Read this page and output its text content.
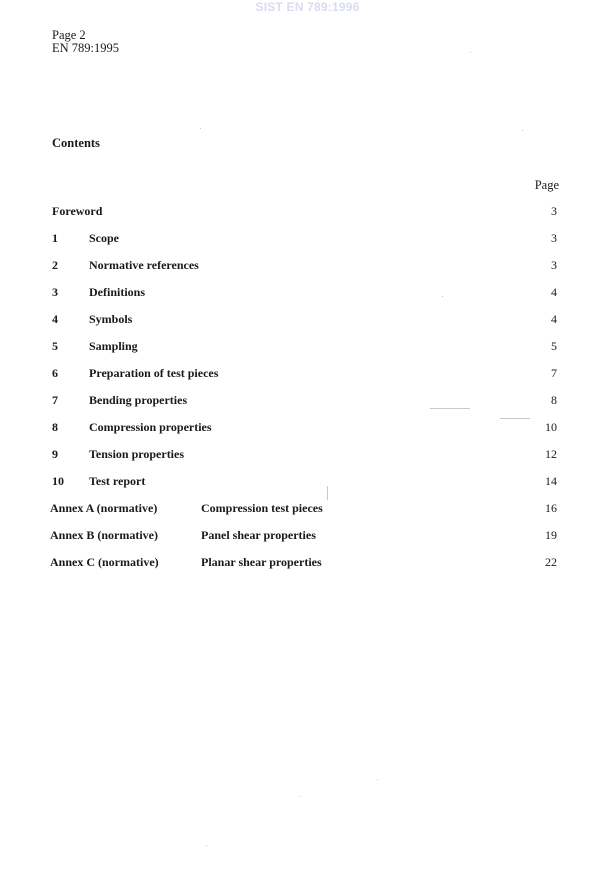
SIST EN 789:1996
Page 2
EN 789:1995
Contents
Page
Foreword	3
1	Scope	3
2	Normative references	3
3	Definitions	4
4	Symbols	4
5	Sampling	5
6	Preparation of test pieces	7
7	Bending properties	8
8	Compression properties	10
9	Tension properties	12
10 Test report	14
Annex A (normative)	Compression test pieces	16
Annex B (normative)	Panel shear properties	19
Annex C (normative)	Planar shear properties	22
